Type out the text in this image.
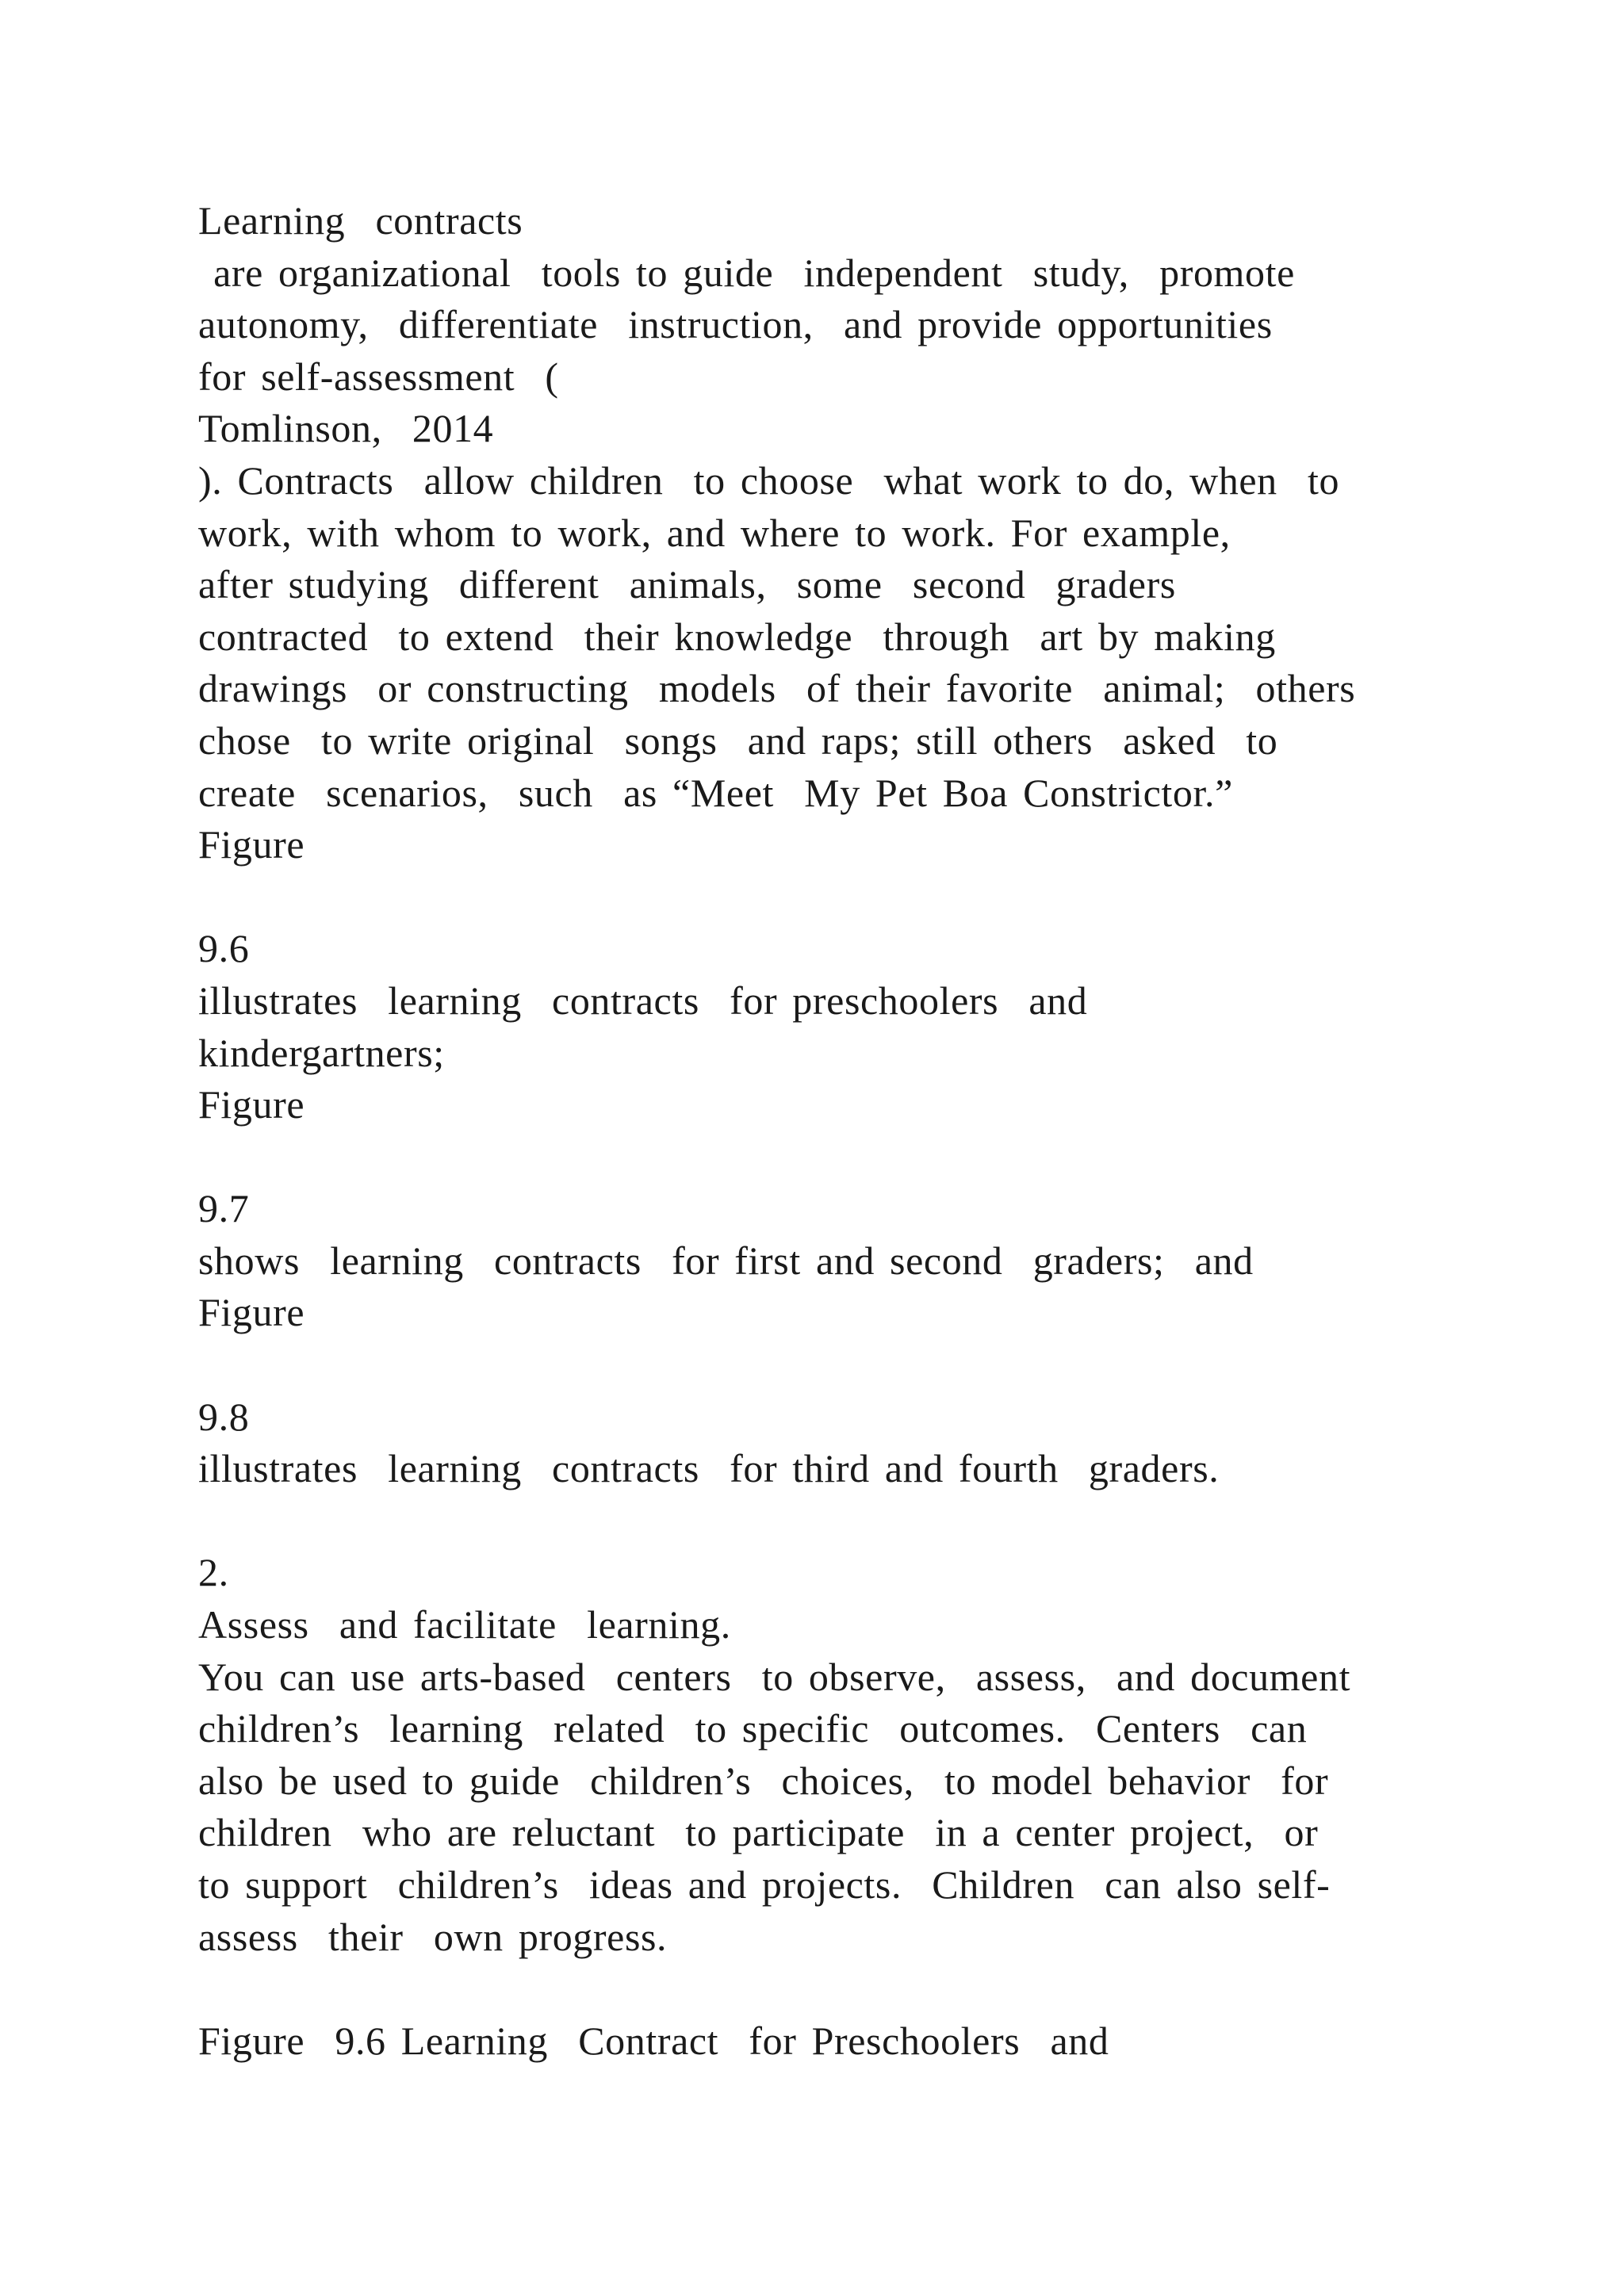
Learning  contracts
are organizational  tools to guide  independent  study,  promote
autonomy,  differentiate  instruction,  and provide opportunities
for self-assessment  (
Tomlinson,  2014
). Contracts  allow children  to choose  what work to do, when  to
work, with whom to work, and where to work. For example,
after studying  different  animals,  some  second  graders
contracted  to extend  their knowledge  through  art by making
drawings  or constructing  models  of their favorite  animal;  others
chose  to write original  songs  and raps; still others  asked  to
create  scenarios,  such  as “Meet  My Pet Boa Constrictor.”
Figure
9.6
illustrates  learning  contracts  for preschoolers  and
kindergartners;
Figure
9.7
shows  learning  contracts  for first and second  graders;  and
Figure
9.8
illustrates  learning  contracts  for third and fourth  graders.
2.
Assess  and facilitate  learning.
You can use arts-based  centers  to observe,  assess,  and document
children’s  learning  related  to specific  outcomes.  Centers  can
also be used to guide  children’s  choices,  to model behavior  for
children  who are reluctant  to participate  in a center project,  or
to support  children’s  ideas and projects.  Children  can also self-
assess  their  own progress.
Figure  9.6 Learning  Contract  for Preschoolers  and
